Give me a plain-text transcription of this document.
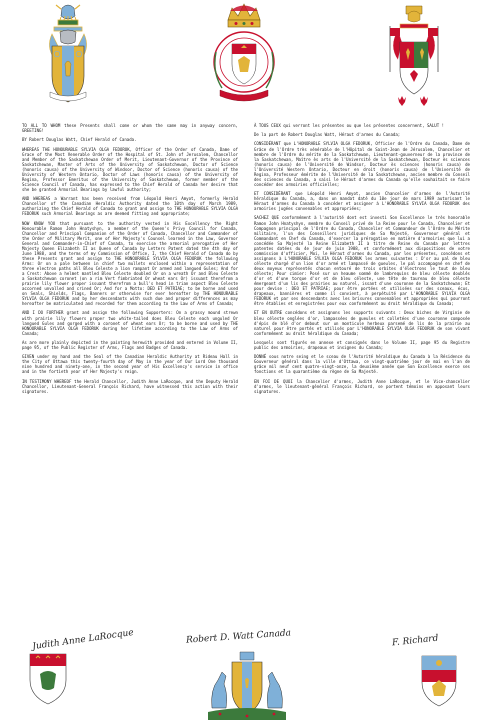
TO ALL TO WHOM these Presents shall come or whom the same may in anyway concern, GREETING!

BY Robert Douglas Watt, Chief Herald of Canada.

WHEREAS THE HONOURABLE SYLVIA OLGA FEDORUK, Officer of the Order of Canada, Dame of Grace of the Most Venerable Order of the Hospital of St. John of Jerusalem, Chancellor and Member of the Saskatchewan Order of Merit, Lieutenant-Governor of the Province of Saskatchewan, Master of Arts of the University of Saskatchewan, Doctor of Science (honoris causa) of the University of Windsor, Doctor of Science (honoris causa) of the University of Western Ontario, Doctor of Laws (honoris causa) of the University of Regina, Professor Emeritus of the University of Saskatchewan, former member of the Science Council of Canada, has expressed to the Chief Herald of Canada her desire that she be granted Armorial Bearings by lawful authority;

AND WHEREAS a Warrant has been received from Léopold Henri Amyot, formerly Herald Chancellor of the Canadian Heraldic Authority dated the 10th day of March 1989, authorizing the Chief Herald of Canada to grant and assign to THE HONOURABLE SYLVIA OLGA FEDORUK such Armorial Bearings as are deemed fitting and appropriate;

NOW KNOW YOU that pursuant to the authority vested in His Excellency the Right Honourable Ramon John Hnatyshyn, a member of the Queen's Privy Council for Canada, Chancellor and Principal Companion of the Order of Canada, Chancellor and Commander of the Order of Military Merit, one of Her Majesty's Counsel learned in the Law, Governor General and Commander-in-Chief of Canada, to exercise the armorial prerogative of Her Majesty Queen Elizabeth II as Queen of Canada by Letters Patent dated the 4th day of June 1988, and the terms of my Commission of Office, I, the Chief Herald of Canada do by these Presents grant and assign to THE HONOURABLE SYLVIA OLGA FEDORUK the following Arms: Or on a pale between in chief two mullets enclosed within a representation of three electron paths all Bleu Celeste a lion rampant Or armed and langued Gules; And for a Crest: Above a helmet mantled Bleu Celeste doubled Or on a wreath Or and Bleu Celeste a Saskatchewan coronet (on a rim Vert fimbriated Or wheat ears Or) issuant therefrom a prairie lily flower proper issuant therefrom a bull's head in trian aspect Bleu Celeste accorned unvalled and crined Or; And for a Motto: DED ET PATRIAE; to be borne and used on Seals, Shields, Flags, Banners or otherwise for ever hereafter by THE HONOURABLE SYLVIA OLGA FEDORUK and by her descendants with such due and proper differences as may hereafter be matriculated and recorded for them according to the Law of Arms of Canada;

AND I DO FURTHER grant and assign the following Supporters: On a grassy mound strewn with prairie lily flowers proper two white-tailed does Bleu Celeste each unguled Or langued Gules and gorged with a coronet of wheat ears Or; to be borne and used by THE HONOURABLE SYLVIA OLGA FEDORUK during her lifetime according to the Law of Arms of Canada;

As are more plainly depicted in the painting herewith provided and entered in Volume II, page 95, of the Public Register of Arms, Flags and Badges of Canada.

GIVEN under my hand and the Seal of the Canadian Heraldic Authority at Rideau Hall in the City of Ottawa this twenty-fourth day of May in the year of Our Lord One thousand nine hundred and ninety-one, in the second year of His Excellency's service in office and in the fortieth year of Her Majesty's reign.

IN TESTIMONY WHEREOF the Herald Chancellor, Judith Anne LaRocque, and the Deputy Herald Chancellor, Lieutenant-General François Richard, have witnessed this action with their signatures.

À TOUS CEUX qui verront les présentes ou que les présentes concernent, SALUT !

De la part de Robert Douglas Watt, Héraut d'armes du Canada;

CONSIDÉRANT que L'HONORABLE SYLVIA OLGA FEDORUK, Officier de l'Ordre du Canada, Dame de Grâce de l'Ordre très vénérable de l'Hôpital de Saint-Jean de Jérusalem, Chancelier et membre de l'Ordre du mérite de la Saskatchewan, Lieutenant-gouverneur de la province de la Saskatchewan, Maître ès arts de l'Université de la Saskatchewan, Docteur ès sciences (honoris causa) de l'Université de Windsor, Docteur ès sciences (honoris causa) de l'Université Western Ontario, Docteur en droit (honoris causa) de l'Université de Regina, Professeur émérite de l'Université de la Saskatchewan, ancien membre du Conseil des sciences du Canada, a saisi le Héraut d'armes du Canada qu'elle souhaitait se faire concéder des armoiries officielles;

ET CONSIDÉRANT que Léopold Henri Amyot, ancien Chancelier d'armes de l'Autorité héraldique du Canada, a, dans un mandat daté du 10e jour de mars 1989 autorisant le Héraut d'armes du Canada à concéder et assigner à L'HONORABLE SYLVIA OLGA FEDORUK des armoiries jugées convenables et appropriées;

SACHEZ QUE conformément à l'autorité dont est investi Son Excellence le très honorable Ramon John Hnatyshyn, membre du Conseil privé de la Reine pour le Canada, Chancelier et Compagnon principal de l'Ordre du Canada, Chancelier et Commandeur de l'Ordre du Mérite militaire, l'un des Conseillers juridiques de Sa Majesté, Gouverneur général et Commandant en Chef du Canada, d'exercer la prérogative en matière d'armoiries que lui a concédée Sa Majesté la Reine Elizabeth II à titre de Reine du Canada par lettres patentes datées du 4e jour de juin 1988, et conformément aux dispositions de votre commission d'officier, Moi, le Héraut d'armes du Canada, par les présentes, concédons et assignons à L'HONORABLE SYLVIA OLGA FEDORUK les armes suivantes : D'or au pal de bleu céleste chargé d'un lion d'or armé et lampassé de gueules, le pal accompagné en chef de deux moyeux représentés chacun entouré de trois orbites d'électrons le tout de bleu céleste; Pour cimier: Posé sur un heaume sommé de lambrequins de bleu céleste doublés d'or et d'une torque d'or et de bleu céleste, une tête de taureau de bleu céleste émergeant d'un lis des prairies au naturel, issant d'une couronne de la Saskatchewan; Et pour devise : DEO ET PATRIAE; pour être portées et utilisées sur des sceaux, écus, drapeaux, bannières et comme il convient, à perpétuité par L'HONORABLE SYLVIA OLGA FEDORUK et par ses descendants avec les brisures convenables et appropriées qui pourront être établies et enregistrées pour eux conformément au droit héraldique du Canada;

ET EN OUTRE concédons et assignons les supports suivants : Deux biches de Virginie de bleu céleste onglées d'or, lampassées de gueules et colletées d'une couronne composée d'épis de blé d'or debout sur un monticule herbeux parsemé de lis de la prairie au naturel pour être portés et utilisés par L'HONORABLE SYLVIA OLGA FEDORUK de son vivant conformément au droit héraldique du Canada;

Lesquels sont figurés en annexe et consignés dans le Volume II, page 95 du Registre public des armoiries, drapeaux et insignes du Canada;

DONNÉ sous notre seing et le sceau de l'Autorité héraldique du Canada à la Résidence du Gouverneur général dans la ville d'Ottawa, ce vingt-quatrième jour de mai en l'an de grâce mil neuf cent quatre-vingt-onze, la deuxième année que Son Excellence exerce ses fonctions et la quarantième du règne de Sa Majesté.

EN FOI DE QUOI la Chancelier d'armes, Judith Anne LaRocque, et le Vice-chancelier d'armes, le lieutenant-général François Richard, se portent témoins en apposant leurs signatures.

Judith Anne LaRocque	Robert D. Watt Canada	F. Richard
